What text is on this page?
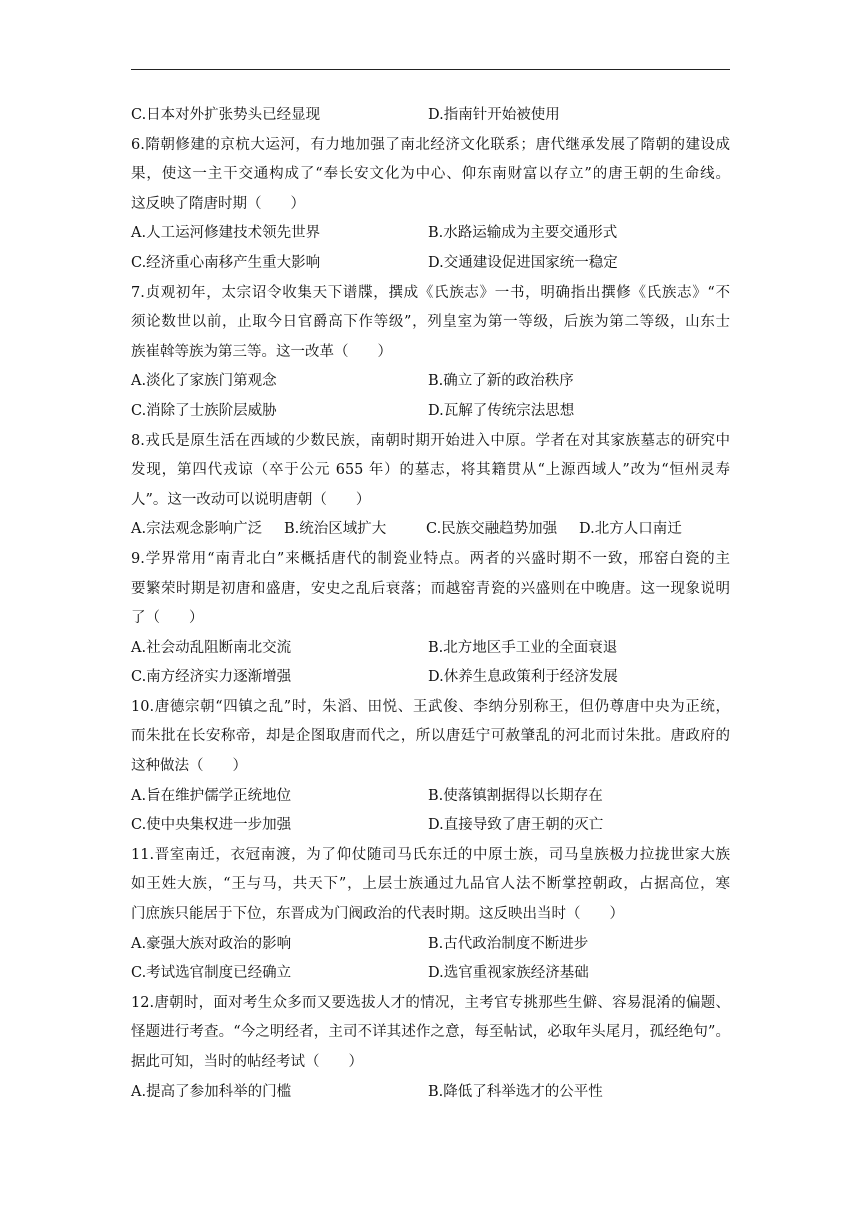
C.日本对外扩张势头已经显现	D.指南针开始被使用
6.隋朝修建的京杭大运河，有力地加强了南北经济文化联系；唐代继承发展了隋朝的建设成
果，使这一主干交通构成了“奉长安文化为中心、仰东南财富以存立”的唐王朝的生命线。
这反映了隋唐时期（　　）
A.人工运河修建技术领先世界	B.水路运输成为主要交通形式
C.经济重心南移产生重大影响	D.交通建设促进国家统一稳定
7.贞观初年，太宗诏令收集天下谱牒，撰成《氏族志》一书，明确指出撰修《氏族志》“不
须论数世以前，止取今日官爵高下作等级”，列皇室为第一等级，后族为第二等级，山东士
族崔斡等族为第三等。这一改革（　　）
A.淡化了家族门第观念	B.确立了新的政治秩序
C.消除了士族阶层威胁	D.瓦解了传统宗法思想
8.戎氏是原生活在西域的少数民族，南朝时期开始进入中原。学者在对其家族墓志的研究中
发现，第四代戎谅（卒于公元 655 年）的墓志，将其籍贯从“上源西域人”改为“恒州灵寿
人”。这一改动可以说明唐朝（　　）
A.宗法观念影响广泛	B.统治区域扩大	C.民族交融趋势加强	D.北方人口南迁
9.学界常用“南青北白”来概括唐代的制瓷业特点。两者的兴盛时期不一致，邢窑白瓷的主
要繁荣时期是初唐和盛唐，安史之乱后衰落；而越窑青瓷的兴盛则在中晚唐。这一现象说明
了（　　）
A.社会动乱阻断南北交流	B.北方地区手工业的全面衰退
C.南方经济实力逐渐增强	D.休养生息政策利于经济发展
10.唐德宗朝“四镇之乱”时，朱滔、田悦、王武俊、李纳分别称王，但仍尊唐中央为正统，
而朱批在长安称帝，却是企图取唐而代之，所以唐廷宁可赦肇乱的河北而讨朱批。唐政府的
这种做法（　　）
A.旨在维护儒学正统地位	B.使落镇割据得以长期存在
C.使中央集权进一步加强	D.直接导致了唐王朝的灭亡
11.晋室南迁，衣冠南渡，为了仰仗随司马氏东迁的中原士族，司马皇族极力拉拢世家大族
如王姓大族，“王与马，共天下”，上层士族通过九品官人法不断掌控朝政，占据高位，寒
门庶族只能居于下位，东晋成为门阀政治的代表时期。这反映出当时（　　）
A.豪强大族对政治的影响	B.古代政治制度不断进步
C.考试选官制度已经确立	D.选官重视家族经济基础
12.唐朝时，面对考生众多而又要选拔人才的情况，主考官专挑那些生僻、容易混淆的偏题、
怪题进行考查。“今之明经者，主司不详其述作之意，每至帖试，必取年头尾月，孤经绝句”。
据此可知，当时的帖经考试（　　）
A.提高了参加科举的门槛	B.降低了科举选才的公平性
